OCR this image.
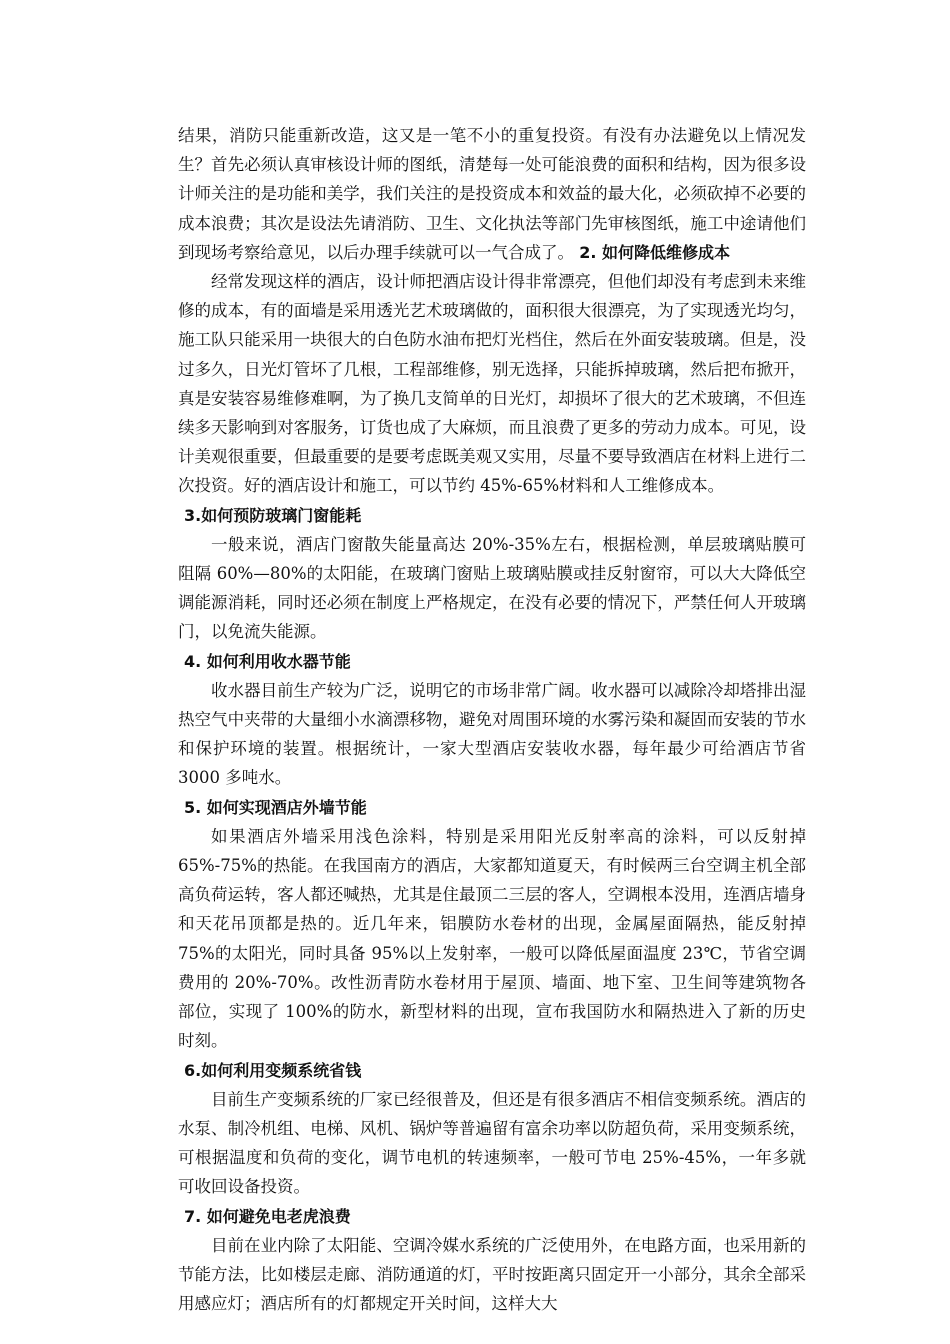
结果，消防只能重新改造，这又是一笔不小的重复投资。有没有办法避免以上情况发生？首先必须认真审核设计师的图纸，清楚每一处可能浪费的面积和结构，因为很多设计师关注的是功能和美学，我们关注的是投资成本和效益的最大化，必须砍掉不必要的成本浪费；其次是设法先请消防、卫生、文化执法等部门先审核图纸，施工中途请他们到现场考察给意见，以后办理手续就可以一气合成了。 2. 如何降低维修成本

经常发现这样的酒店，设计师把酒店设计得非常漂亮，但他们却没有考虑到未来维修的成本，有的面墙是采用透光艺术玻璃做的，面积很大很漂亮，为了实现透光均匀，施工队只能采用一块很大的白色防水油布把灯光档住，然后在外面安装玻璃。但是，没过多久，日光灯管坏了几根，工程部维修，别无选择，只能拆掉玻璃，然后把布掀开，真是安装容易维修难啊，为了换几支简单的日光灯，却损坏了很大的艺术玻璃，不但连续多天影响到对客服务，订货也成了大麻烦，而且浪费了更多的劳动力成本。可见，设计美观很重要，但最重要的是要考虑既美观又实用，尽量不要导致酒店在材料上进行二次投资。好的酒店设计和施工，可以节约 45%-65%材料和人工维修成本。

3.如何预防玻璃门窗能耗

一般来说，酒店门窗散失能量高达 20%-35%左右，根据检测，单层玻璃贴膜可阻隔 60%—80%的太阳能，在玻璃门窗贴上玻璃贴膜或挂反射窗帘，可以大大降低空调能源消耗，同时还必须在制度上严格规定，在没有必要的情况下，严禁任何人开玻璃门，以免流失能源。

4. 如何利用收水器节能

收水器目前生产较为广泛，说明它的市场非常广阔。收水器可以减除冷却塔排出湿热空气中夹带的大量细小水滴漂移物，避免对周围环境的水雾污染和凝固而安装的节水和保护环境的装置。根据统计，一家大型酒店安装收水器，每年最少可给酒店节省 3000 多吨水。

5. 如何实现酒店外墙节能

如果酒店外墙采用浅色涂料，特别是采用阳光反射率高的涂料，可以反射掉 65%-75%的热能。在我国南方的酒店，大家都知道夏天，有时候两三台空调主机全部高负荷运转，客人都还喊热，尤其是住最顶二三层的客人，空调根本没用，连酒店墙身和天花吊顶都是热的。近几年来，铝膜防水卷材的出现，金属屋面隔热，能反射掉 75%的太阳光，同时具备 95%以上发射率，一般可以降低屋面温度 23℃，节省空调费用的 20%-70%。改性沥青防水卷材用于屋顶、墙面、地下室、卫生间等建筑物各部位，实现了 100%的防水，新型材料的出现，宣布我国防水和隔热进入了新的历史时刻。

6.如何利用变频系统省钱

目前生产变频系统的厂家已经很普及，但还是有很多酒店不相信变频系统。酒店的水泵、制冷机组、电梯、风机、锅炉等普遍留有富余功率以防超负荷，采用变频系统，可根据温度和负荷的变化，调节电机的转速频率，一般可节电 25%-45%，一年多就可收回设备投资。

7. 如何避免电老虎浪费

目前在业内除了太阳能、空调冷媒水系统的广泛使用外，在电路方面，也采用新的节能方法，比如楼层走廊、消防通道的灯，平时按距离只固定开一小部分，其余全部采用感应灯；酒店所有的灯都规定开关时间，这样大大
